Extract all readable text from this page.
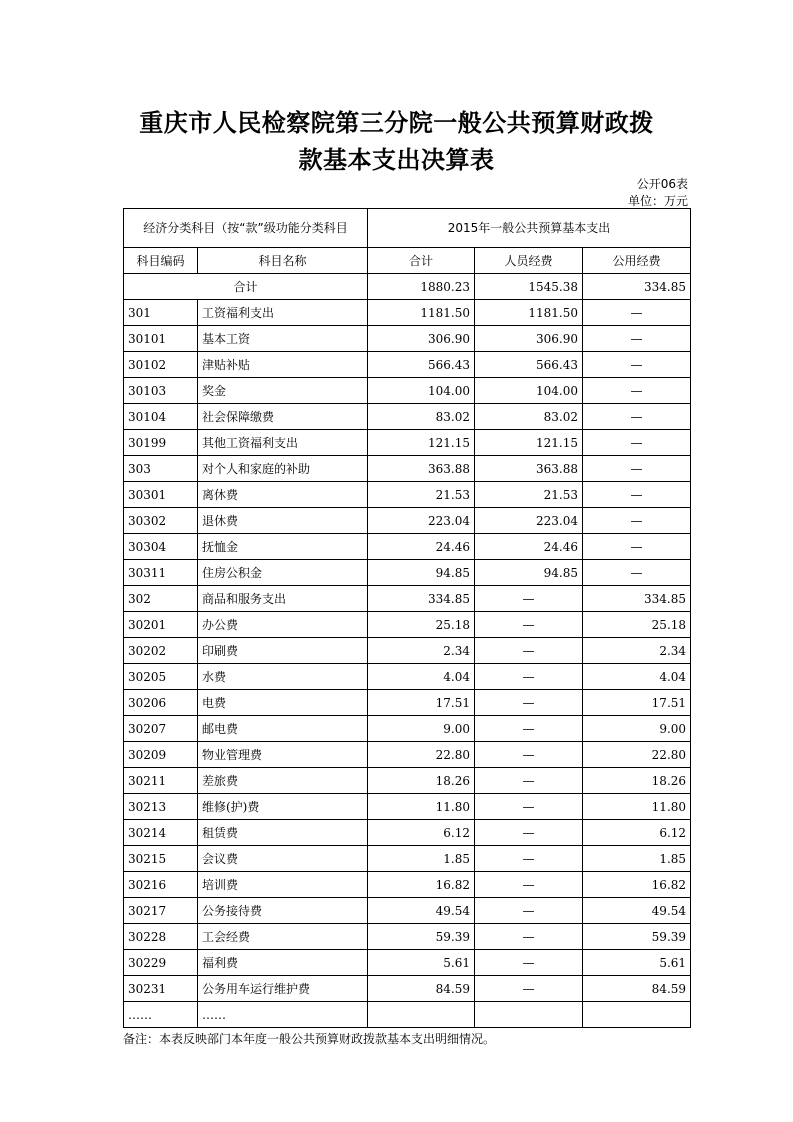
重庆市人民检察院第三分院一般公共预算财政拨
款基本支出决算表
公开06表
单位：万元
经济分类科目（按“款”级功能分类科目		2015年一般公共预算基本支出		
科目编码	科目名称	合计	人员经费	公用经费
合计		1880.23	1545.38	334.85
301	工资福利支出	1181.50	1181.50	—
30101	基本工资	306.90	306.90	—
30102	津贴补贴	566.43	566.43	—
30103	奖金	104.00	104.00	—
30104	社会保障缴费	83.02	83.02	—
30199	其他工资福利支出	121.15	121.15	—
303	对个人和家庭的补助	363.88	363.88	—
30301	离休费	21.53	21.53	—
30302	退休费	223.04	223.04	—
30304	抚恤金	24.46	24.46	—
30311	住房公积金	94.85	94.85	—
302	商品和服务支出	334.85	—	334.85
30201	办公费	25.18	—	25.18
30202	印刷费	2.34	—	2.34
30205	水费	4.04	—	4.04
30206	电费	17.51	—	17.51
30207	邮电费	9.00	—	9.00
30209	物业管理费	22.80	—	22.80
30211	差旅费	18.26	—	18.26
30213	维修(护)费	11.80	—	11.80
30214	租赁费	6.12	—	6.12
30215	会议费	1.85	—	1.85
30216	培训费	16.82	—	16.82
30217	公务接待费	49.54	—	49.54
30228	工会经费	59.39	—	59.39
30229	福利费	5.61	—	5.61
30231	公务用车运行维护费	84.59	—	84.59
……	……			
备注：本表反映部门本年度一般公共预算财政拨款基本支出明细情况。
